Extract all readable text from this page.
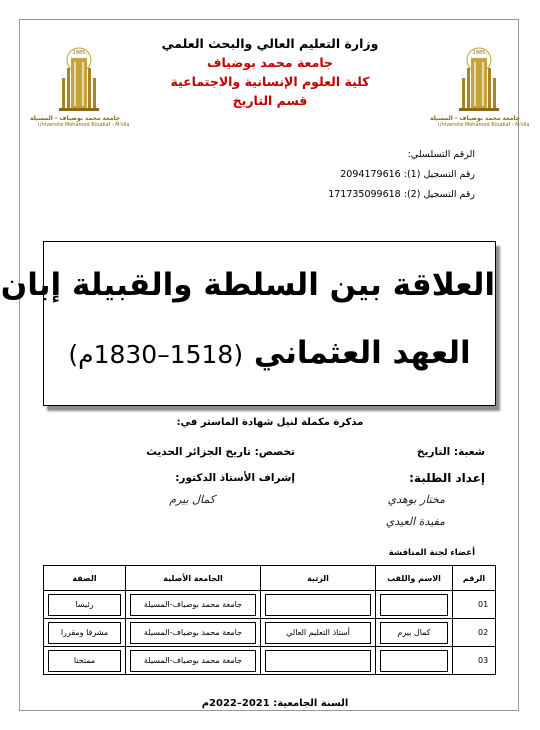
1985
جامعة محمد بوضياف - المسيلة
Université Mohamed Boudiaf - M'sila
1985
جامعة محمد بوضياف - المسيلة
Université Mohamed Boudiaf - M'sila
وزارة التعليم العالي والبحث العلمي
جامعة محمد بوضياف
كلية العلوم الإنسانية والاجتماعية
قسم التاريخ
الرقم التسلسلي:
رقم التسجيل (1): 2094179616
رقم التسجيل (2): 171735099618
العلاقة بين السلطة والقبيلة إبان
العهد العثماني (1518–1830م)
مذكرة مكملة لنيل شهادة الماستر في:
شعبة: التاريخ
تخصص: تاريخ الجزائر الحديث
إعداد الطلبة:
إشراف الأستاذ الدكتور:
مختار بوهدي
كمال بيرم
مفيدة العيدي
أعضاء لجنة المناقشة
الرقم	الاسم واللقب	الرتبة	الجامعة الأصلية	الصفة
01			جامعة محمد بوضياف-المسيلة	رئيسا

02	كمال بيرم	أستاذ التعليم العالي	جامعة محمد بوضياف-المسيلة	مشرفا ومقررا

03			جامعة محمد بوضياف-المسيلة	ممتحنا
السنة الجامعية: 2021–2022م
